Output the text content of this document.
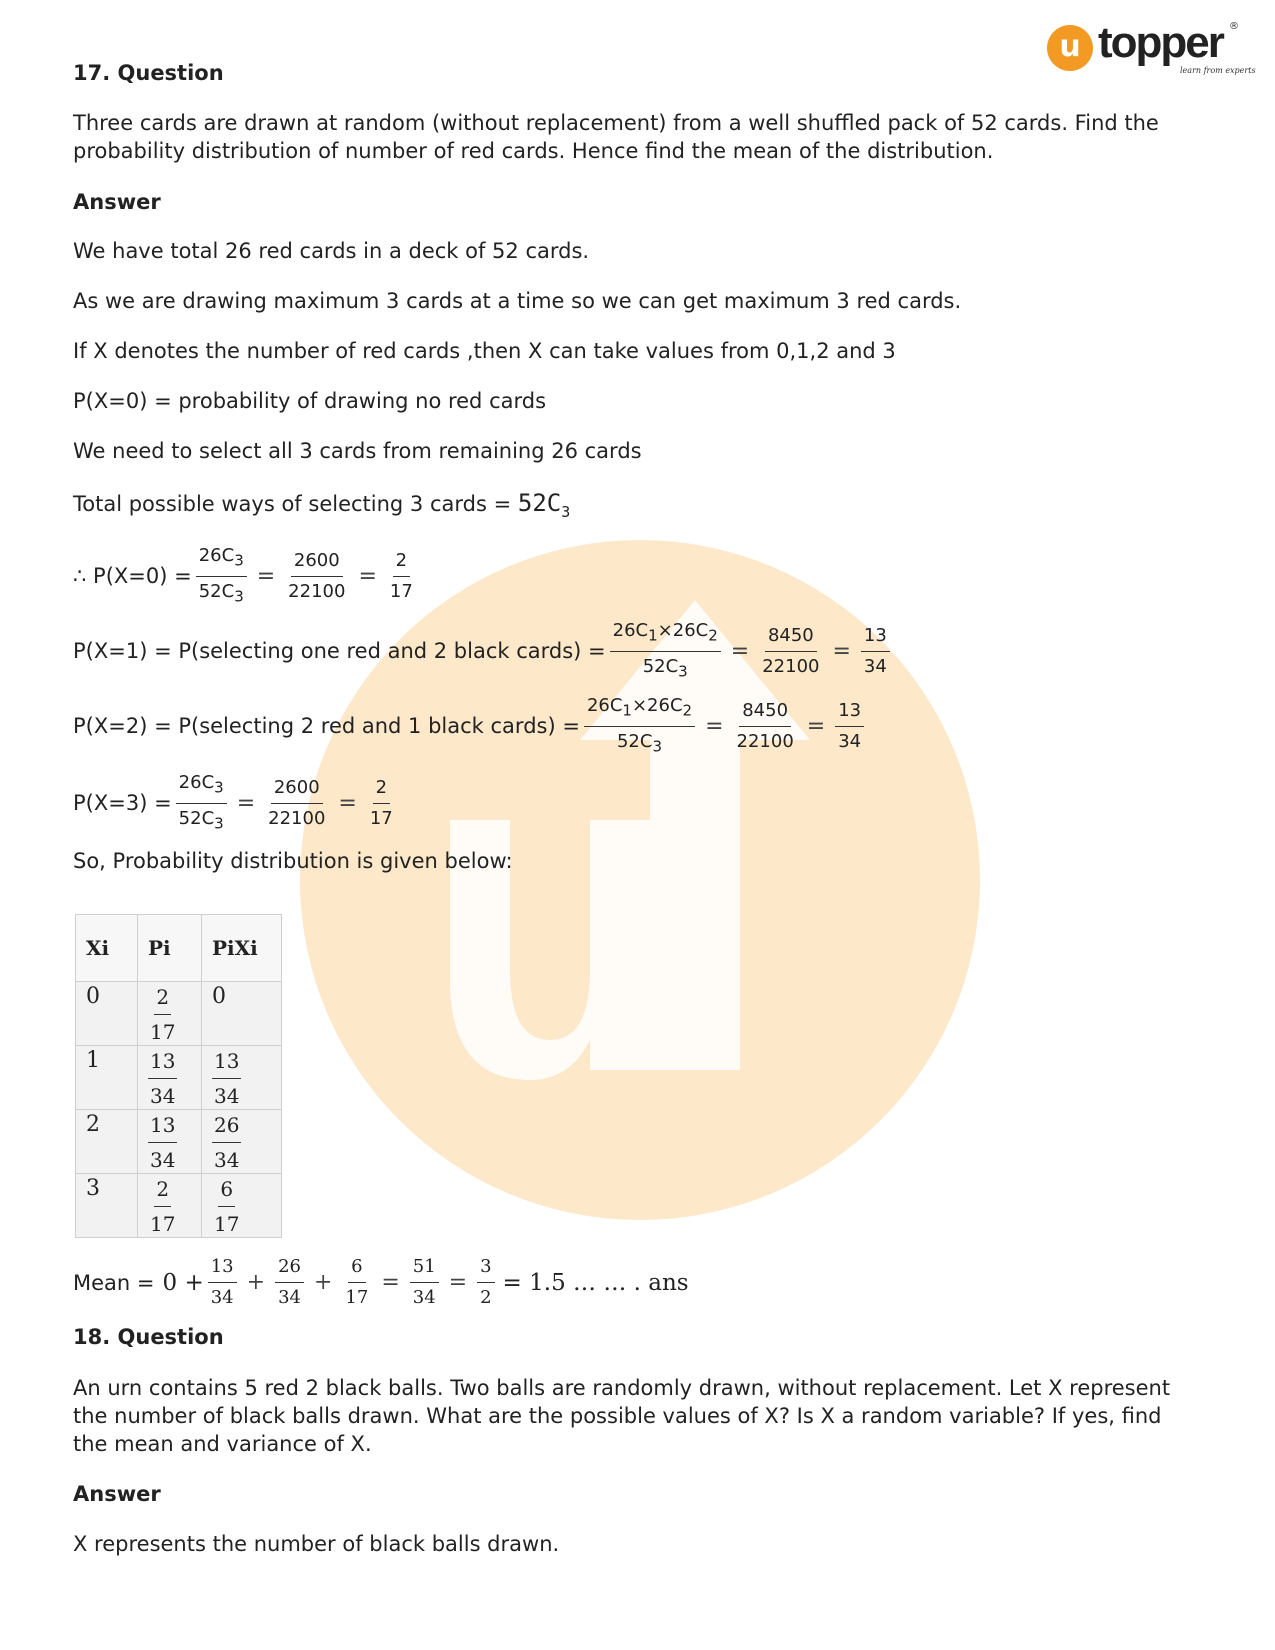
u topper
learn from experts
®
17. Question
Three cards are drawn at random (without replacement) from a well shuffled pack of 52 cards. Find the probability distribution of number of red cards. Hence find the mean of the distribution.
Answer
We have total 26 red cards in a deck of 52 cards.
As we are drawing maximum 3 cards at a time so we can get maximum 3 red cards.
If X denotes the number of red cards ,then X can take values from 0,1,2 and 3
P(X=0) = probability of drawing no red cards
We need to select all 3 cards from remaining 26 cards
Total possible ways of selecting 3 cards = $52C_3$
∴ $P(X=0) = \frac{26C_3}{52C_3} = \frac{2600}{22100} = \frac{2}{17}$
P(X=1) = P(selecting one red and 2 black cards) = $\frac{26C_1\times 26C_2}{52C_3} = \frac{8450}{22100} = \frac{13}{34}$
P(X=2) = P(selecting 2 red and 1 black cards) = $\frac{26C_1\times 26C_2}{52C_3} = \frac{8450}{22100} = \frac{13}{34}$
$P(X=3) = \frac{26C_3}{52C_3} = \frac{2600}{22100} = \frac{2}{17}$
So, Probability distribution is given below:
Xi	Pi	PiXi
0	$\frac{2}{17}$	0
1	$\frac{13}{34}$	$\frac{13}{34}$

2	$\frac{13}{34}$	$\frac{26}{34}$

3	$\frac{2}{17}$	$\frac{6}{17}$
Mean = $0 + \frac{13}{34} + \frac{26}{34} + \frac{6}{17} = \frac{51}{34} = \frac{3}{2} = 1.5$ … … . ans
18. Question
An urn contains 5 red 2 black balls. Two balls are randomly drawn, without replacement. Let X represent the number of black balls drawn. What are the possible values of X? Is X a random variable? If yes, find the mean and variance of X.
Answer
X represents the number of black balls drawn.
